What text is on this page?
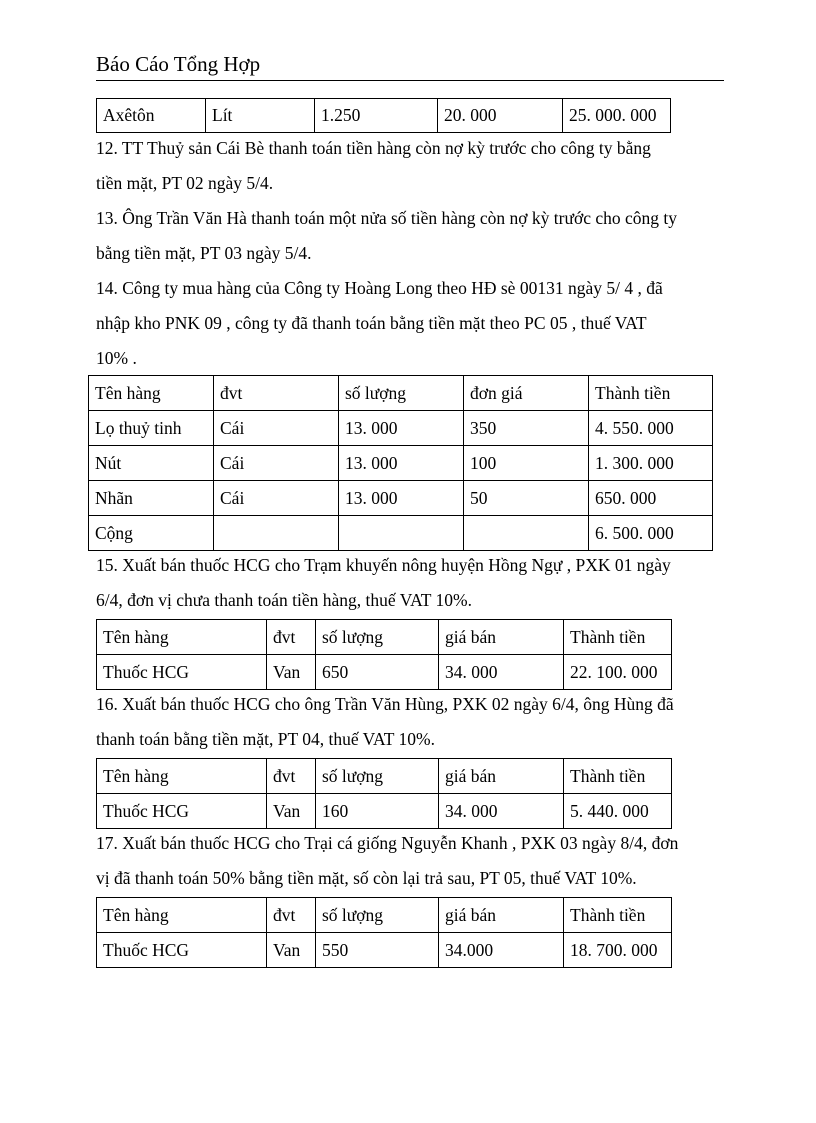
Báo Cáo Tổng Hợp
Axêtôn	Lít	1.250	20. 000	25. 000. 000
12. TT Thuỷ sản Cái Bè thanh toán tiền hàng còn nợ kỳ trước cho công ty bằng
tiền mặt, PT 02 ngày 5/4.
13. Ông Trần Văn Hà thanh toán một nửa số tiền hàng còn nợ kỳ trước cho công ty
bằng tiền mặt, PT 03 ngày 5/4.
14. Công ty mua hàng của Công ty Hoàng Long theo HĐ sè 00131 ngày 5/ 4 , đã
nhập kho PNK 09 , công ty đã thanh toán bằng tiền mặt theo PC 05 , thuế VAT
10% .
Tên hàng	đvt	số lượng	đơn giá	Thành tiền
Lọ thuỷ tinh	Cái	13. 000	350	4. 550. 000
Nút	Cái	13. 000	100	1. 300. 000
Nhãn	Cái	13. 000	50	650. 000
Cộng				6. 500. 000
15. Xuất bán thuốc HCG cho Trạm khuyến nông huyện Hồng Ngự , PXK 01 ngày
6/4, đơn vị chưa thanh toán tiền hàng, thuế VAT 10%.
Tên hàng	đvt	số lượng	giá bán	Thành tiền
Thuốc HCG	Van	650	34. 000	22. 100. 000
16. Xuất bán thuốc HCG cho ông Trần Văn Hùng, PXK 02 ngày 6/4, ông Hùng đã
thanh toán bằng tiền mặt, PT 04, thuế VAT 10%.
Tên hàng	đvt	số lượng	giá bán	Thành tiền
Thuốc HCG	Van	160	34. 000	5. 440. 000
17. Xuất bán thuốc HCG cho Trại cá giống Nguyễn Khanh , PXK 03 ngày 8/4, đơn
vị đã thanh toán 50% bằng tiền mặt, số còn lại trả sau, PT 05, thuế VAT 10%.
Tên hàng	đvt	số lượng	giá bán	Thành tiền
Thuốc HCG	Van	550	34.000	18. 700. 000
